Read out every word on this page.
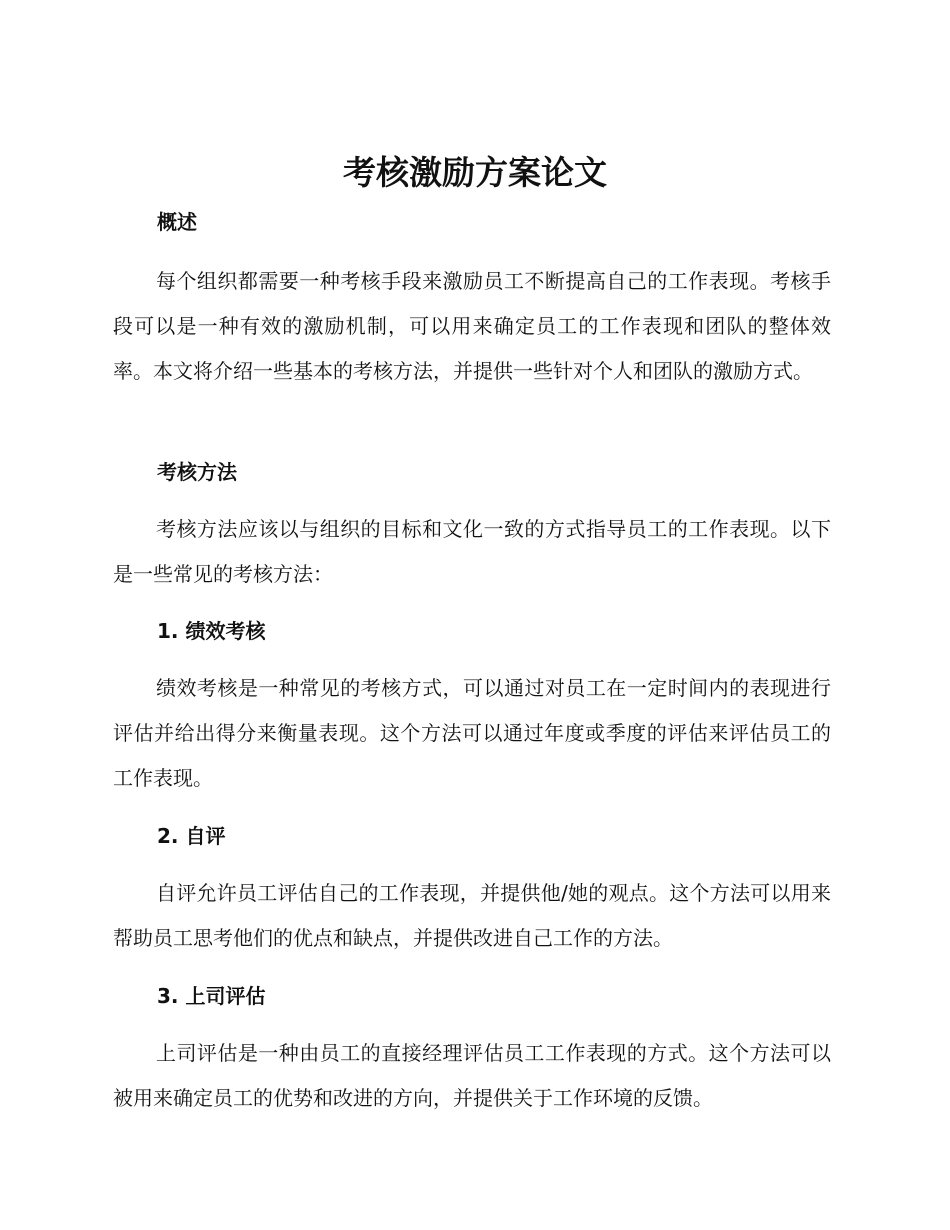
考核激励方案论文
概述

每个组织都需要一种考核手段来激励员工不断提高自己的工作表现。考核手段可以是一种有效的激励机制，可以用来确定员工的工作表现和团队的整体效率。本文将介绍一些基本的考核方法，并提供一些针对个人和团队的激励方式。

考核方法

考核方法应该以与组织的目标和文化一致的方式指导员工的工作表现。以下是一些常见的考核方法：

1. 绩效考核

绩效考核是一种常见的考核方式，可以通过对员工在一定时间内的表现进行评估并给出得分来衡量表现。这个方法可以通过年度或季度的评估来评估员工的工作表现。

2. 自评

自评允许员工评估自己的工作表现，并提供他/她的观点。这个方法可以用来帮助员工思考他们的优点和缺点，并提供改进自己工作的方法。

3. 上司评估

上司评估是一种由员工的直接经理评估员工工作表现的方式。这个方法可以被用来确定员工的优势和改进的方向，并提供关于工作环境的反馈。
